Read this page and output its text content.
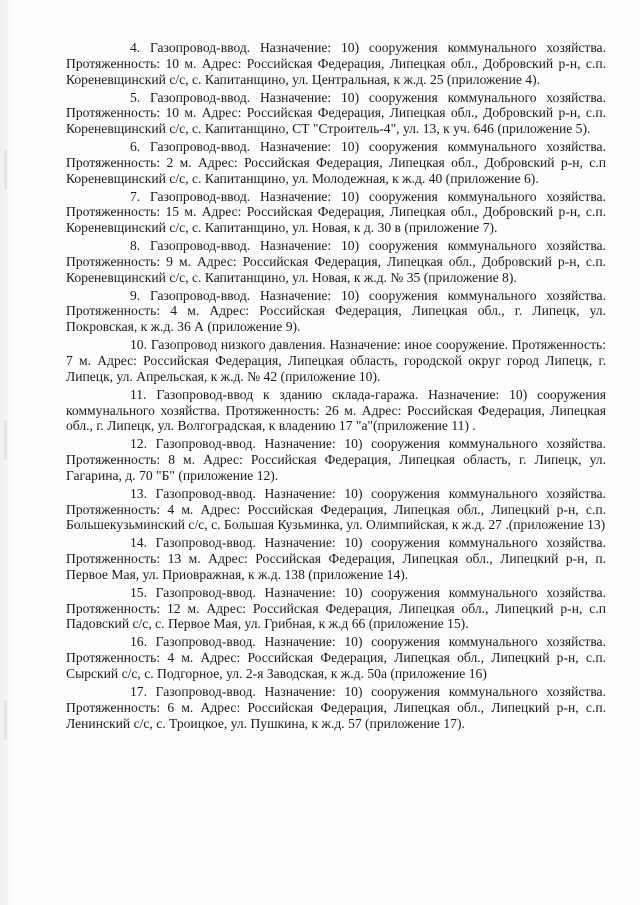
4. Газопровод-ввод. Назначение: 10) сооружения коммунального хозяйства. Протяженность: 10 м. Адрес: Российская Федерация, Липецкая обл., Добровский р-н, с.п. Кореневщинский с/с, с. Капитанщино, ул. Центральная, к ж.д. 25 (приложение 4).

5. Газопровод-ввод. Назначение: 10) сооружения коммунального хозяйства. Протяженность: 10 м. Адрес: Российская Федерация, Липецкая обл., Добровский р-н, с.п. Кореневщинский с/с, с. Капитанщино, СТ "Строитель-4", ул. 13, к уч. 646 (приложение 5).

6. Газопровод-ввод. Назначение: 10) сооружения коммунального хозяйства. Протяженность: 2 м. Адрес: Российская Федерация, Липецкая обл., Добровский р-н, с.п Кореневщинский с/с, с. Капитанщино, ул. Молодежная, к ж.д. 40 (приложение 6).

7. Газопровод-ввод. Назначение: 10) сооружения коммунального хозяйства. Протяженность: 15 м. Адрес: Российская Федерация, Липецкая обл., Добровский р-н, с.п. Кореневщинский с/с, с. Капитанщино, ул. Новая, к д. 30 в (приложение 7).

8. Газопровод-ввод. Назначение: 10) сооружения коммунального хозяйства. Протяженность: 9 м. Адрес: Российская Федерация, Липецкая обл., Добровский р-н, с.п. Кореневщинский с/с, с. Капитанщино, ул. Новая, к ж.д. № 35 (приложение 8).

9. Газопровод-ввод. Назначение: 10) сооружения коммунального хозяйства. Протяженность: 4 м. Адрес: Российская Федерация, Липецкая обл., г. Липецк, ул. Покровская, к ж.д. 36 А (приложение 9).

10. Газопровод низкого давления. Назначение: иное сооружение. Протяженность: 7 м. Адрес: Российская Федерация, Липецкая область, городской округ город Липецк, г. Липецк, ул. Апрельская, к ж.д. № 42 (приложение 10).

11. Газопровод-ввод к зданию склада-гаража. Назначение: 10) сооружения коммунального хозяйства. Протяженность: 26 м. Адрес: Российская Федерация, Липецкая обл., г. Липецк, ул. Волгоградская, к владению 17 "а"(приложение 11) .

12. Газопровод-ввод. Назначение: 10) сооружения коммунального хозяйства. Протяженность: 8 м. Адрес: Российская Федерация, Липецкая область, г. Липецк, ул. Гагарина, д. 70 "Б" (приложение 12).

13. Газопровод-ввод. Назначение: 10) сооружения коммунального хозяйства. Протяженность: 4 м. Адрес: Российская Федерация, Липецкая обл., Липецкий р-н, с.п. Большекузьминский с/с, с. Большая Кузьминка, ул. Олимпийская, к ж.д. 27 .(приложение 13)

14. Газопровод-ввод. Назначение: 10) сооружения коммунального хозяйства. Протяженность: 13 м. Адрес: Российская Федерация, Липецкая обл., Липецкий р-н, п. Первое Мая, ул. Приовражная, к ж.д. 138 (приложение 14).

15. Газопровод-ввод. Назначение: 10) сооружения коммунального хозяйства. Протяженность: 12 м. Адрес: Российская Федерация, Липецкая обл., Липецкий р-н, с.п Падовский с/с, с. Первое Мая, ул. Грибная, к ж.д 66 (приложение 15).

16. Газопровод-ввод. Назначение: 10) сооружения коммунального хозяйства. Протяженность: 4 м. Адрес: Российская Федерация, Липецкая обл., Липецкий р-н, с.п. Сырский с/с, с. Подгорное, ул. 2-я Заводская, к ж.д. 50а (приложение 16)

17. Газопровод-ввод. Назначение: 10) сооружения коммунального хозяйства. Протяженность: 6 м. Адрес: Российская Федерация, Липецкая обл., Липецкий р-н, с.п. Ленинский с/с, с. Троицкое, ул. Пушкина, к ж.д. 57 (приложение 17).
